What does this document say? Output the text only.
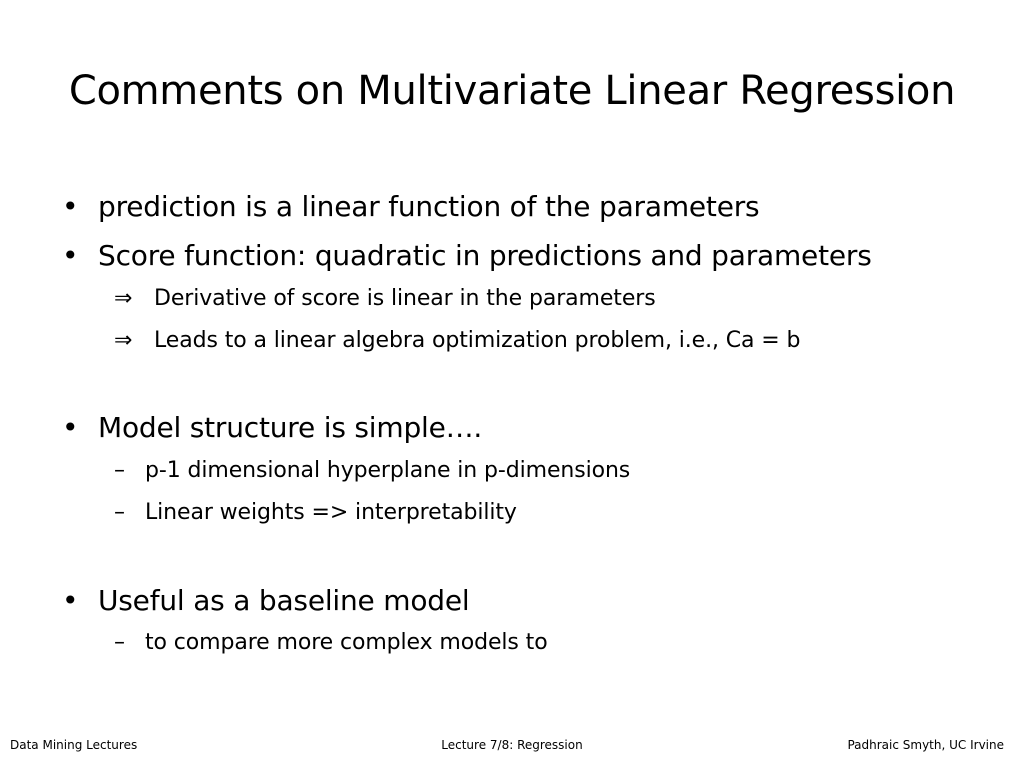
Comments on Multivariate Linear Regression
• prediction is a linear function of the parameters
• Score function: quadratic in predictions and parameters
⇒ Derivative of score is linear in the parameters
⇒ Leads to a linear algebra optimization problem, i.e., Ca = b
• Model structure is simple….
– p-1 dimensional hyperplane in p-dimensions
– Linear weights => interpretability
• Useful as a baseline model
– to compare more complex models to
Data Mining Lectures	Lecture 7/8: Regression	Padhraic Smyth, UC Irvine
